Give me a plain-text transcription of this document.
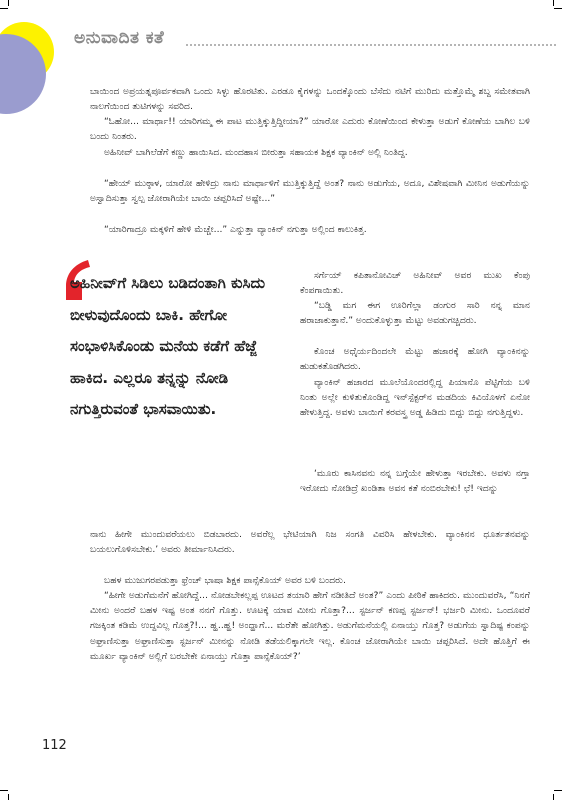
ಅನುವಾದಿತ ಕತೆ

ಬಾಯಿಂದ ಅಪ್ರಯತ್ನಪೂರ್ವಕವಾಗಿ ಒಂದು ಸಿಳ್ಳು ಹೊರಟಿತು. ಎರಡೂ ಕೈಗಳನ್ನು ಒಂದಕ್ಕೊಂದು ಬೆಸೆದು ನಟಿಗೆ ಮುರಿದು ಮತ್ತೊಮ್ಮೆ ಶಬ್ದ ಸಮೇತವಾಗಿ ನಾಲಗೆಯಿಂದ ತುಟಿಗಳನ್ನು ಸವರಿದ.

“ಓಹೋ... ಮಾರ್ಥಾ!! ಯಾರಿಗಮ್ಮ ಈ ಪಾಟ ಮುತ್ತಿಕ್ಕುತ್ತಿದ್ದೀಯಾ?” ಯಾರೋ ಎದುರು ಕೋಣೆಯಿಂದ ಕೇಳುತ್ತಾ ಅಡುಗೆ ಕೋಣೆಯ ಬಾಗಿಲ ಬಳಿ ಬಂದು ನಿಂತರು.

ಅಹಿನೀವ್ ಬಾಗಿಲೆಡೆಗೆ ಕಣ್ಣು ಹಾಯಿಸಿದ. ಮಂದಹಾಸ ಬೀರುತ್ತಾ ಸಹಾಯಕ ಶಿಕ್ಷಕ ವ್ಯಾಂಕಿನ್ ಅಲ್ಲಿ ನಿಂತಿದ್ದ.

“ಹೇಯ್ ಮುಠ್ಠಾಳ, ಯಾರೋ ಹೇಳಿದ್ರು ನಾನು ಮಾರ್ಥಾಳಿಗೆ ಮುತ್ತಿಕ್ಕುತ್ತಿದ್ದೆ ಅಂತ? ನಾನು ಅಡುಗೆಯ, ಅದೂ, ವಿಶೇಷವಾಗಿ ಮೀನಿನ ಅಡುಗೆಯನ್ನು ಅಸ್ವಾದಿಸುತ್ತಾ ಸ್ವಲ್ಪ ಜೋರಾಗಿಯೇ ಬಾಯಿ ಚಪ್ಪರಿಸಿದೆ ಅಷ್ಟೇ...”

“ಯಾರಿಗಾದ್ರೂ ಮಕ್ಕಳಿಗೆ ಹೇಳಿ ಮೆಚ್ಚೇ...” ಎನ್ನುತ್ತಾ ವ್ಯಾಂಕಿನ್ ನಗುತ್ತಾ ಅಲ್ಲಿಂದ ಕಾಲುಕಿತ್ತ.

ಅಹಿನೀವ್‌ಗೆ ಸಿಡಿಲು ಬಡಿದಂತಾಗಿ ಕುಸಿದು ಬೀಳುವುದೊಂದು ಬಾಕಿ. ಹೇಗೋ ಸಂಭಾಳಿಸಿಕೊಂಡು ಮನೆಯ ಕಡೆಗೆ ಹೆಜ್ಜೆ ಹಾಕಿದ. ಎಲ್ಲರೂ ತನ್ನನ್ನು ನೋಡಿ ನಗುತ್ತಿರುವಂತೆ ಭಾಸವಾಯಿತು.

ಸರ್ಗೆಯ್ ಕಪಿತಾನೋವಿಚ್ ಅಹಿನೀವ್ ಅವರ ಮುಖ ಕೆಂಪು ಕೆಂಪಗಾಯಿತು.

“ಬಡ್ಡಿ ಮಗ ಈಗ ಊರಿಗೆಲ್ಲಾ ಡಂಗುರ ಸಾರಿ ನನ್ನ ಮಾನ ಹರಾಜಾಕುತ್ತಾನೆ.” ಅಂದುಕೊಳ್ಳುತ್ತಾ ಮೆಟ್ಟು ಅವಡುಗಚ್ಚಿದರು.

ಕೊಂಚ ಅಧೈರ್ಯದಿಂದಲೇ ಮೆಟ್ಟು ಹಜಾರಕ್ಕೆ ಹೋಗಿ ವ್ಯಾಂಕಿನನ್ನು ಹುಡುಕತೊಡಗಿದರು.

ವ್ಯಾಂಕಿನ್ ಹಜಾರದ ಮೂಲೆಯೊಂದರಲ್ಲಿದ್ದ ಪಿಯಾನೊ ಪೆಟ್ಟಿಗೆಯ ಬಳಿ ನಿಂತು ಅಲ್ಲೇ ಕುಳಿತುಕೊಂಡಿದ್ದ ಇನ್‌ಸ್ಪೆಕ್ಟರ್‌ನ ಮಡದಿಯ ಕಿವಿಯೊಳಗೆ ಏನೋ ಹೇಳುತ್ತಿದ್ದ. ಅವಳು ಬಾಯಿಗೆ ಕರವಸ್ತ್ರ ಅಡ್ಡ ಹಿಡಿದು ಬಿದ್ದು ಬಿದ್ದು ನಗುತ್ತಿದ್ದಳು.

‘ಮೂರು ಕಾಸಿನವನು ನನ್ನ ಬಗ್ಗೆಯೇ ಹೇಳುತ್ತಾ ಇರಬೇಕು. ಅವಳು ನಗ್ತಾ ಇರೋದು ನೋಡಿದ್ರೆ ಖಂಡಿತಾ ಅವನ ಕತೆ ನಂಬಿರಬೇಕು! ಛೆ! ಇದನ್ನು

ನಾನು ಹೀಗೇ ಮುಂದುವರೆಯಲು ಬಿಡಬಾರದು. ಅವರೆಲ್ಲ ಭೇಟಿಯಾಗಿ ನಿಜ ಸಂಗತಿ ವಿವರಿಸಿ ಹೇಳಬೇಕು. ವ್ಯಾಂಕಿನನ ಧೂರ್ತತನವನ್ನು ಬಯಲುಗೊಳಿಸಬೇಕು.’ ಅವರು ತೀರ್ಮಾನಿಸಿದರು.

ಬಹಳ ಮುಜುಗರಪಡುತ್ತಾ ಫ್ರೆಂಚ್ ಭಾಷಾ ಶಿಕ್ಷಕ ಪಾನ್ಸೆಕೊಯ್ ಅವರ ಬಳಿ ಬಂದರು.

“ಹೀಗೇ ಅಡುಗೆಮನೆಗೆ ಹೋಗಿದ್ದೆ... ನೋಡಬೇಕಲ್ಲಪ್ಪ ಊಟದ ತಯಾರಿ ಹೇಗೆ ನಡೀತಿದೆ ಅಂತ?” ಎಂದು ಪೀಠಿಕೆ ಹಾಕಿದರು. ಮುಂದುವರೆಸಿ, “ನಿನಗೆ ಮೀನು ಅಂದರೆ ಬಹಳ ಇಷ್ಟ ಅಂತ ನನಗೆ ಗೊತ್ತು. ಊಟಕ್ಕೆ ಯಾವ ಮೀನು ಗೊತ್ತಾ?... ಸ್ಟರ್ಜನ್ ಕಣಪ್ಪ ಸ್ಟರ್ಜನ್! ಭರ್ಜರಿ ಮೀನು. ಒಂದೂವರೆ ಗಜಕ್ಕಿಂತ ಕಡಿಮೆ ಉದ್ದವಿಲ್ಲ ಗೊತ್ತ?!... ಹ್ಹ..ಹ್ಹ! ಅಂದ್ಹಾಗೆ... ಮರೆತೇ ಹೋಗಿತ್ತು. ಅಡುಗೆಮನೆಯಲ್ಲಿ ಏನಾಯ್ತು ಗೊತ್ತ? ಅಡುಗೆಯ ಸ್ವಾದಿಷ್ಟ ಕಂಪನ್ನು ಅಘ್ರಾಣಿಸುತ್ತಾ ಅಘ್ರಾಣಿಸುತ್ತಾ ಸ್ಟರ್ಜನ್ ಮೀನನ್ನು ನೋಡಿ ತಡೆಯಲಿಕ್ಕಾಗಲೇ ಇಲ್ಲ. ಕೊಂಚ ಜೋರಾಗಿಯೇ ಬಾಯಿ ಚಪ್ಪರಿಸಿದೆ. ಅದೇ ಹೊತ್ತಿಗೆ ಈ ಮೂರ್ಖ ವ್ಯಾಂಕಿನ್ ಅಲ್ಲಿಗೆ ಬರಬೇಕೇ ಏನಾಯ್ತು ಗೊತ್ತಾ ಪಾನ್ಸೆಕೊಯ್?’

112
